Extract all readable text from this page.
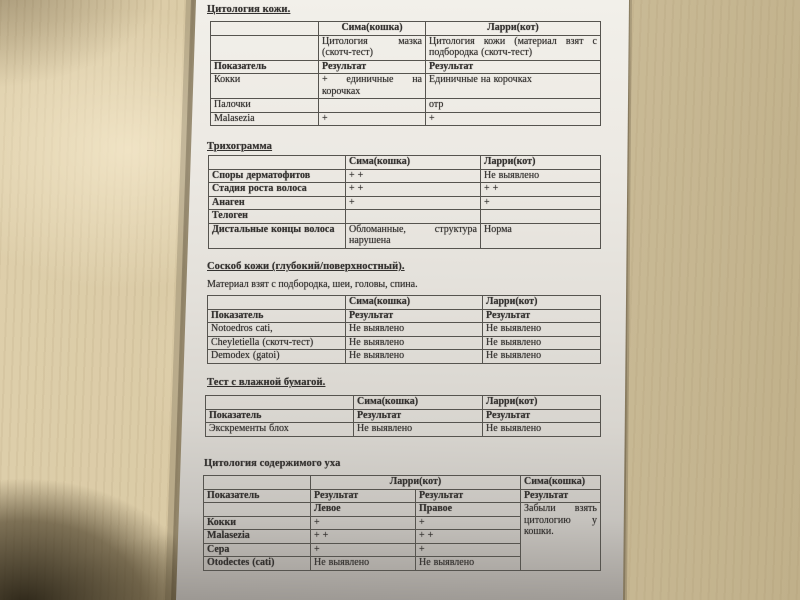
Цитология кожи.
	Сима(кошка)	Ларри(кот)
	Цитология мазка (скотч-тест)	Цитология кожи (материал взят с подбородка (скотч-тест)
Показатель	Результат	Результат
Кокки	+ единичные на корочках	Единичные на корочках
Палочки		отр
Malasezia	+	+
Трихограмма
	Сима(кошка)	Ларри(кот)
Споры дерматофитов	+ +	Не выявлено
Стадия роста волоса	+ +	+ +
Анаген	+	+
Телоген		
Дистальные концы волоса	Обломанные, структура нарушена	Норма
Соскоб кожи (глубокий/поверхностный).

Материал взят с подбородка, шеи, головы, спина.

	Сима(кошка)	Ларри(кот)
Показатель	Результат	Результат
Notoedros cati,	Не выявлено	Не выявлено
Cheyletiella (скотч-тест)	Не выявлено	Не выявлено
Demodex (gatoi)	Не выявлено	Не выявлено
Тест с влажной бумагой.
	Сима(кошка)	Ларри(кот)
Показатель	Результат	Результат
Экскременты блох	Не выявлено	Не выявлено
Цитология содержимого уха
	Ларри(кот)		Сима(кошка)
Показатель	Результат	Результат	Результат
	Левое	Правое	Забыли взять цитологию у кошки.
Кокки	+	+	
Malasezia	+ +	+ +	
Сера	+	+	
Otodectes (cati)	Не выявлено	Не выявлено	
